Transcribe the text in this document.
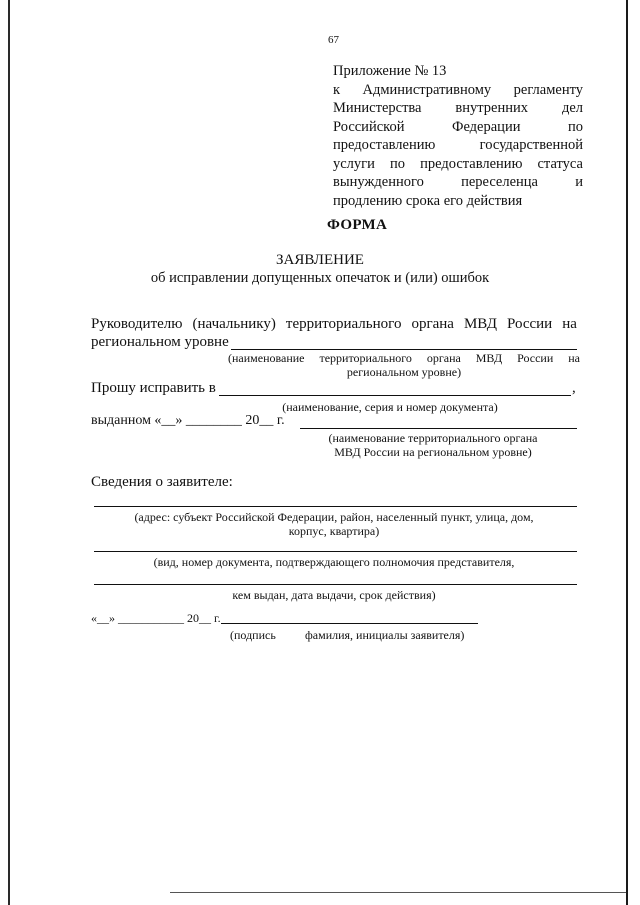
67
Приложение № 13
к Административному регламенту
Министерства внутренних дел
Российской	Федерации	по
предоставлению	государственной
услуги по предоставлению статуса
вынужденного	переселенца	и
продлению срока его действия
ФОРМА
ЗАЯВЛЕНИЕ
об исправлении допущенных опечаток и (или) ошибок
Руководителю (начальнику) территориального органа МВД России на
региональном уровне
(наименование территориального органа МВД России на
региональном уровне)
Прошу исправить в	,
(наименование, серия и номер документа)
выданном «__» ________ 20__ г.
(наименование территориального органа
МВД России на региональном уровне)
Сведения о заявителе:
(адрес: субъект Российской Федерации, район, населенный пункт, улица, дом,
корпус, квартира)
(вид, номер документа, подтверждающего полномочия представителя,
кем выдан, дата выдачи, срок действия)
«__» ___________ 20__ г.
(подпись фамилия, инициалы заявителя)
